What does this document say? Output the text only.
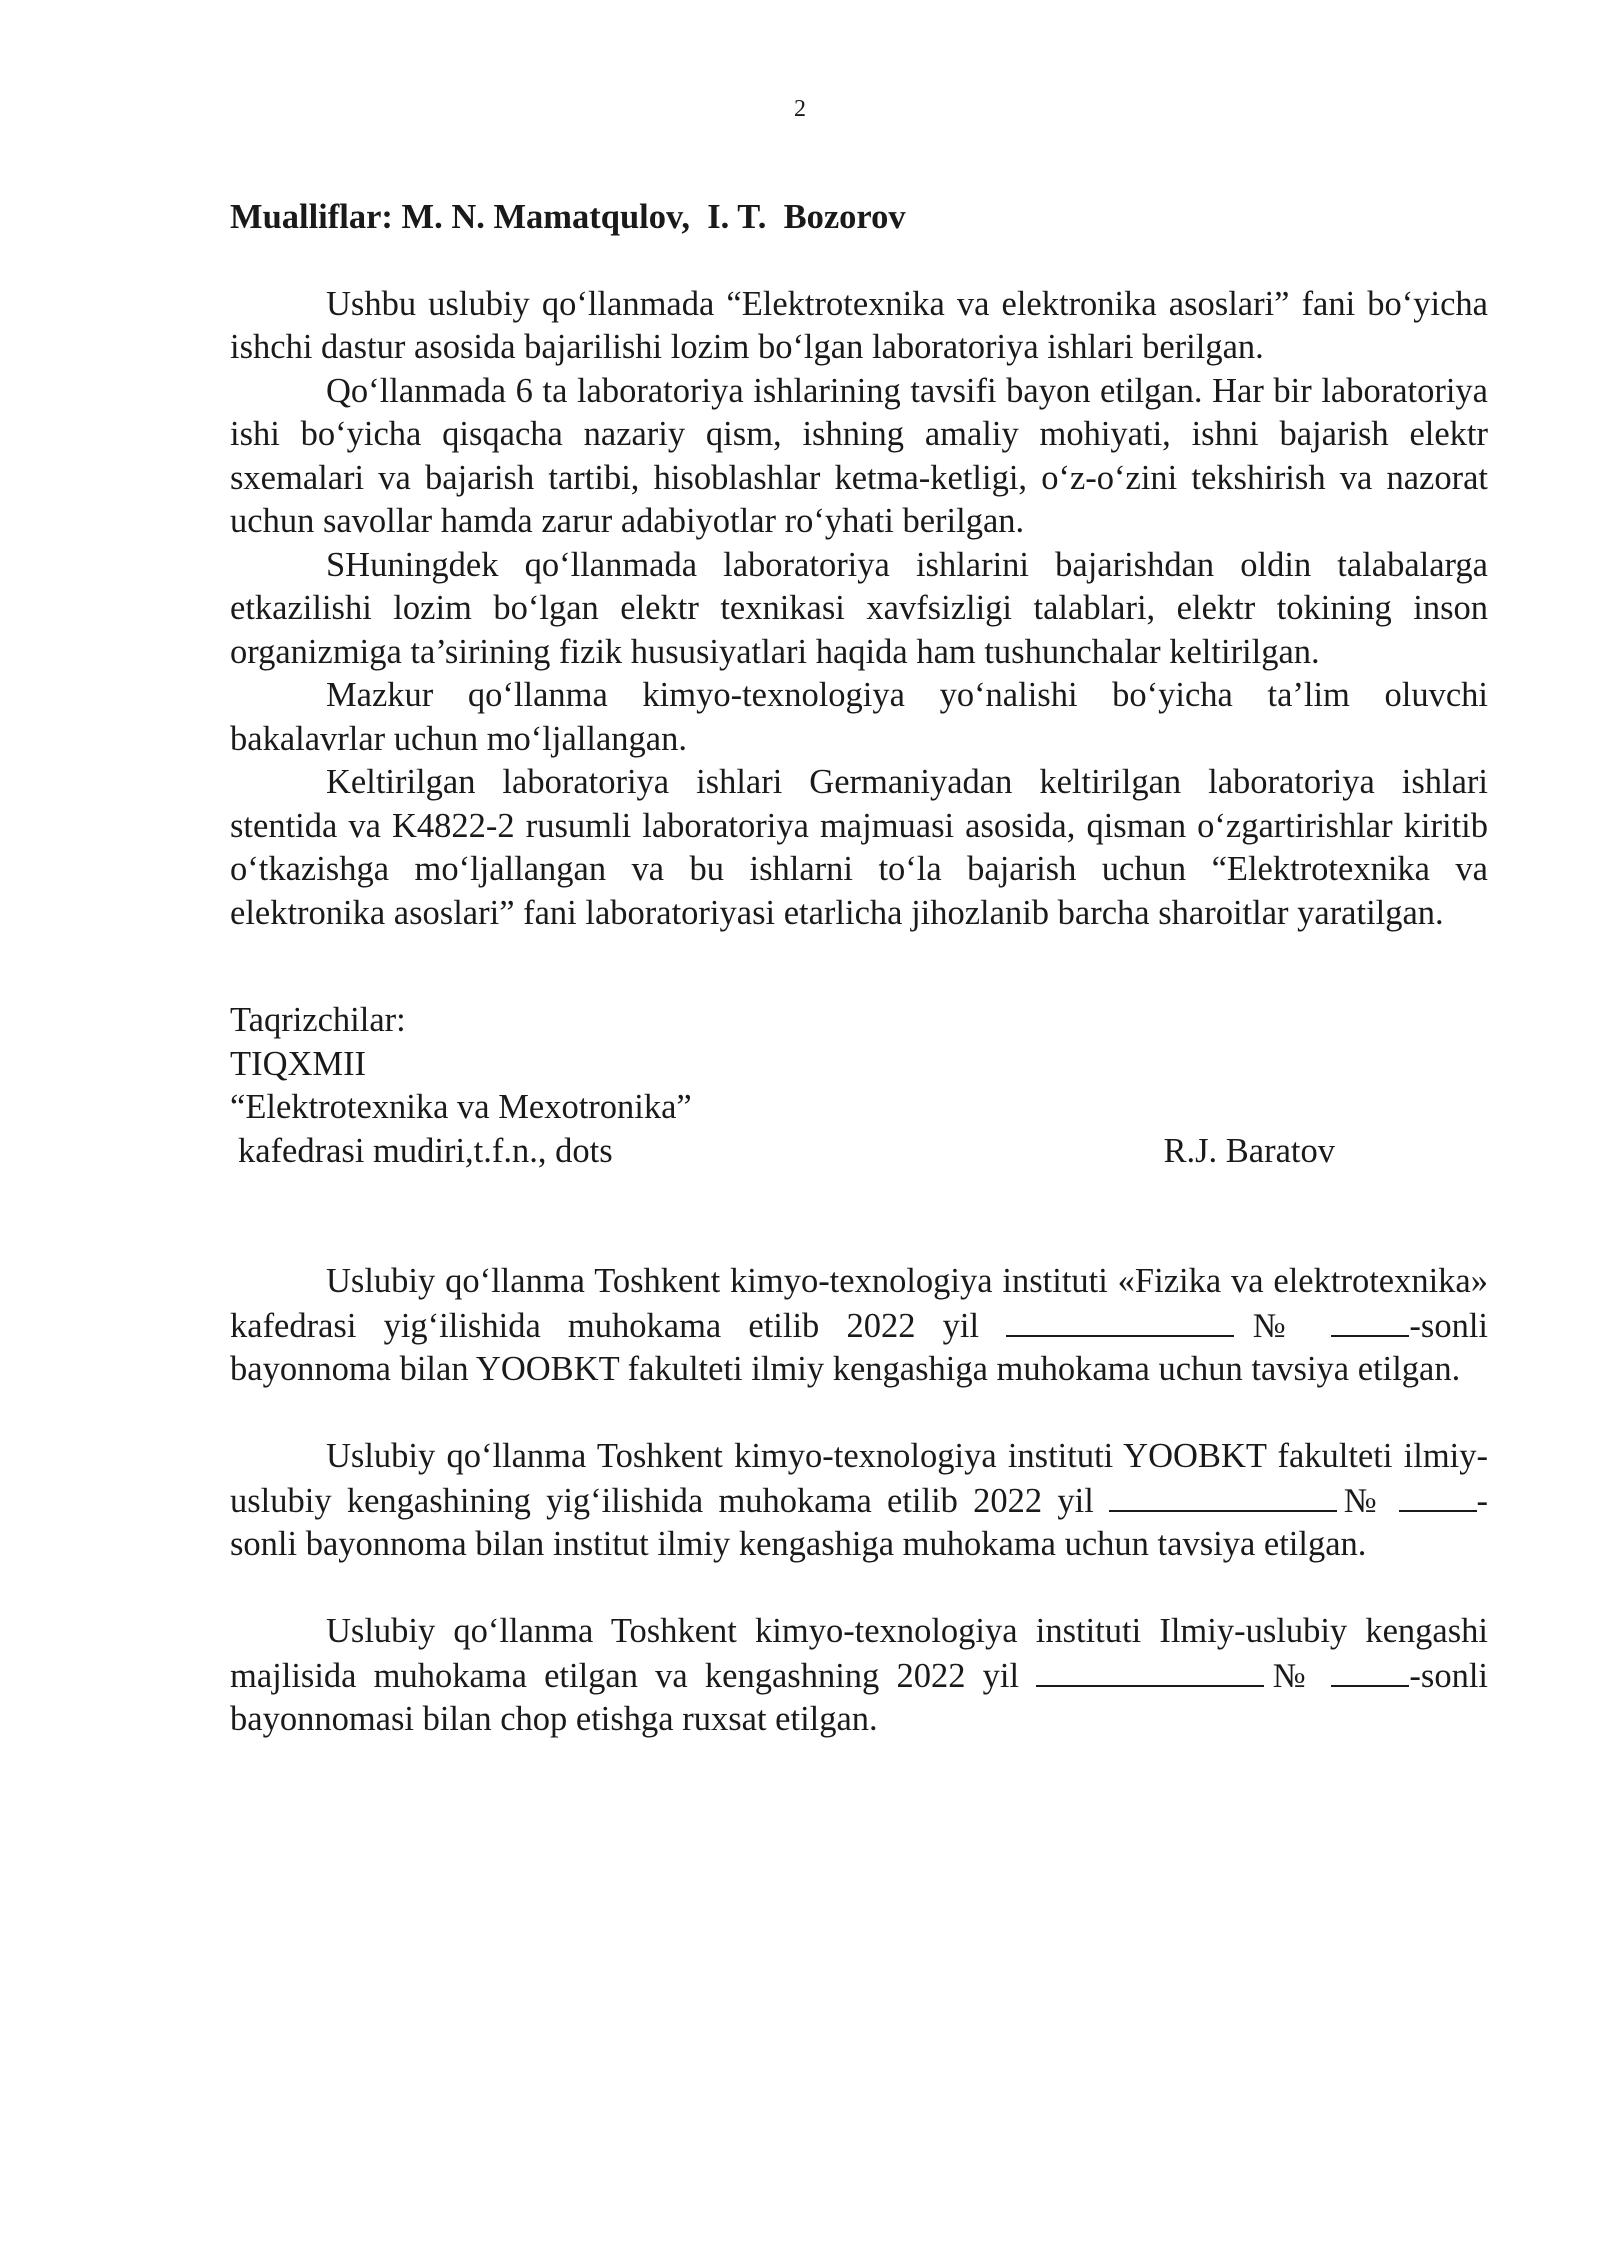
2
Mualliflar: M. N. Mamatqulov,  I. T.  Bozorov

Ushbu uslubiy qo‘llanmada “Elektrotexnika va elektronika asoslari” fani bo‘yicha ishchi dastur asosida bajarilishi lozim bo‘lgan laboratoriya ishlari berilgan.

Qo‘llanmada 6 ta laboratoriya ishlarining tavsifi bayon etilgan. Har bir laboratoriya ishi bo‘yicha qisqacha nazariy qism, ishning amaliy mohiyati, ishni bajarish elektr sxemalari va bajarish tartibi, hisoblashlar ketma-ketligi, o‘z-o‘zini tekshirish va nazorat uchun savollar hamda zarur adabiyotlar ro‘yhati berilgan.

SHuningdek qo‘llanmada laboratoriya ishlarini bajarishdan oldin talabalarga etkazilishi lozim bo‘lgan elektr texnikasi xavfsizligi talablari, elektr tokining inson organizmiga ta’sirining fizik hususiyatlari haqida ham tushunchalar keltirilgan.

Mazkur qo‘llanma kimyo-texnologiya yo‘nalishi bo‘yicha ta’lim oluvchi bakalavrlar uchun mo‘ljallangan.

Keltirilgan laboratoriya ishlari Germaniyadan keltirilgan laboratoriya ishlari stentida va K4822-2 rusumli laboratoriya majmuasi asosida, qisman o‘zgartirishlar kiritib o‘tkazishga mo‘ljallangan va bu ishlarni to‘la bajarish uchun “Elektrotexnika va elektronika asoslari” fani laboratoriyasi etarlicha jihozlanib barcha sharoitlar yaratilgan.

Taqrizchilar:
TIQXMII
“Elektrotexnika va Mexotronika”
kafedrasi mudiri,t.f.n., dots	R.J. Baratov

Uslubiy qo‘llanma Toshkent kimyo-texnologiya instituti «Fizika va elektrotexnika» kafedrasi yig‘ilishida muhokama etilib 2022 yil	№ -sonli bayonnoma bilan YOOBKT fakulteti ilmiy kengashiga muhokama uchun tavsiya etilgan.

Uslubiy qo‘llanma Toshkent kimyo-texnologiya instituti YOOBKT fakulteti ilmiy-uslubiy kengashining yig‘ilishida muhokama etilib 2022 yil	№ -sonli bayonnoma bilan institut ilmiy kengashiga muhokama uchun tavsiya etilgan.

Uslubiy qo‘llanma Toshkent kimyo-texnologiya instituti Ilmiy-uslubiy kengashi majlisida muhokama etilgan va kengashning 2022 yil	№ -sonli bayonnomasi bilan chop etishga ruxsat etilgan.
